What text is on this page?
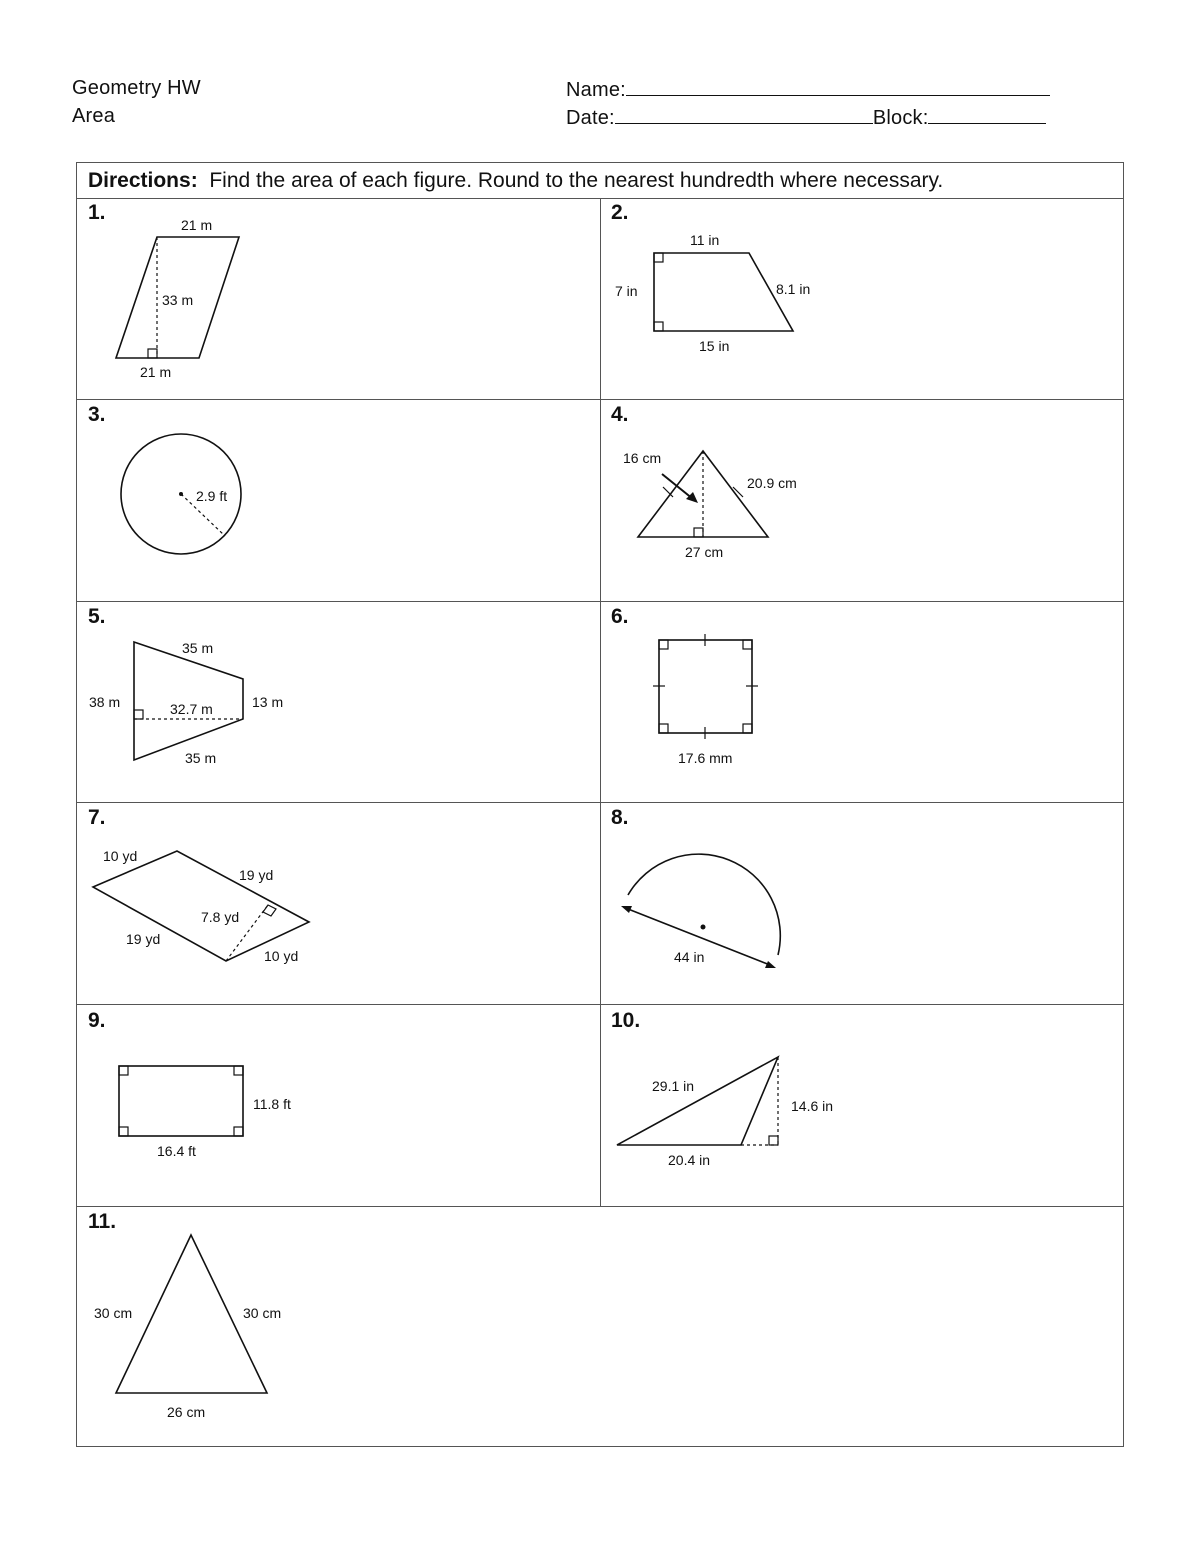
Geometry HW
Area
Name:
Date:	Block:
Directions: Find the area of each figure. Round to the nearest hundredth where necessary.
1.	2.
3.	4.
5.	6.
7.	8.
9.	10.
11.
21 m
33 m
21 m
11 in
7 in	8.1 in
15 in
2.9 ft
16 cm
20.9 cm
27 cm
35 m
38 m	32.7 m	13 m
35 m	17.6 mm
10 yd
19 yd
7.8 yd
19 yd
10 yd	44 in
11.8 ft
16.4 ft
29.1 in
14.6 in
20.4 in
30 cm	30 cm
26 cm
